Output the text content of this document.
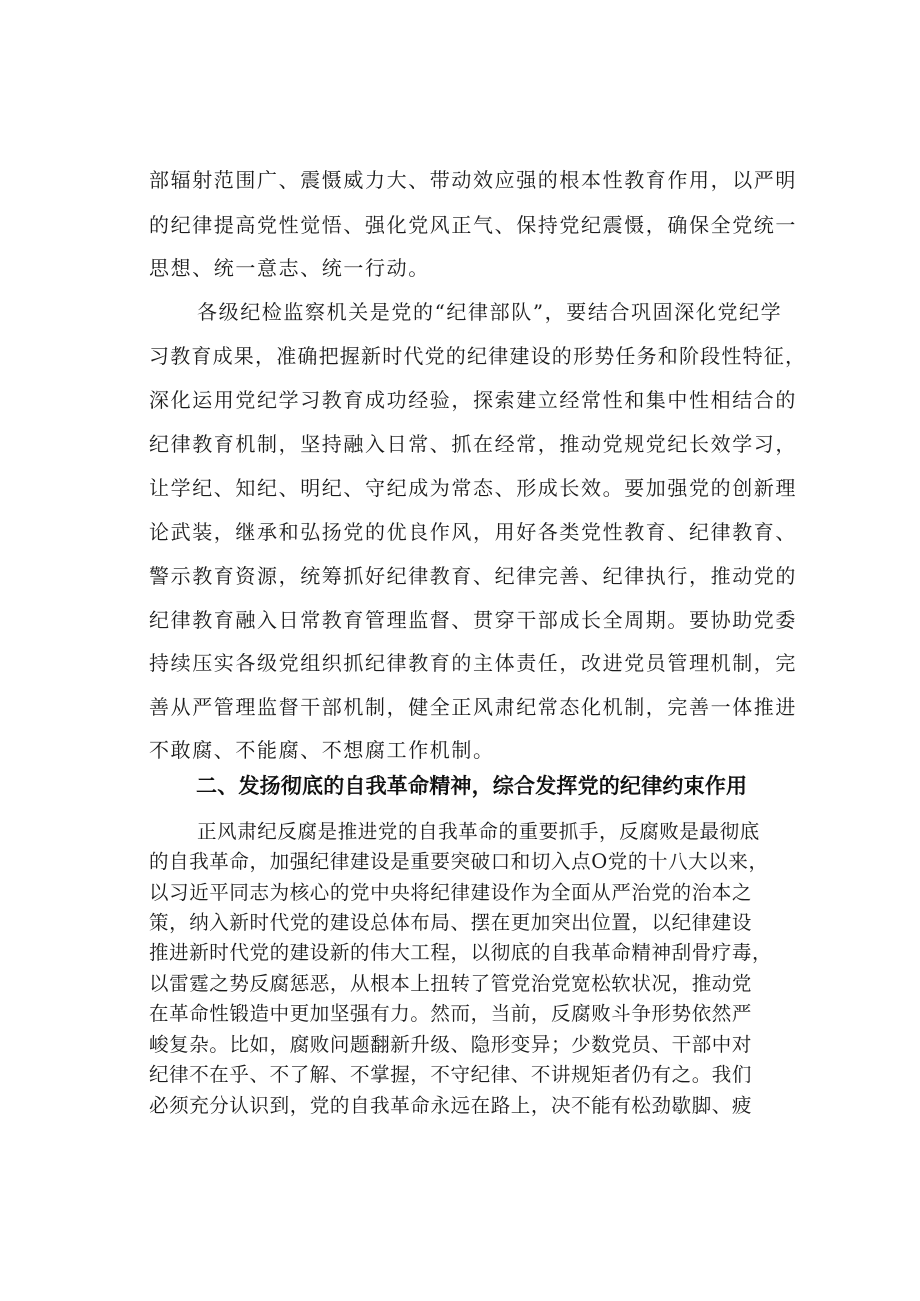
部辐射范围广、震慑威力大、带动效应强的根本性教育作用，以严明
的纪律提高党性觉悟、强化党风正气、保持党纪震慑，确保全党统一
思想、统一意志、统一行动。
各级纪检监察机关是党的“纪律部队”，要结合巩固深化党纪学
习教育成果，准确把握新时代党的纪律建设的形势任务和阶段性特征，
深化运用党纪学习教育成功经验，探索建立经常性和集中性相结合的
纪律教育机制，坚持融入日常、抓在经常，推动党规党纪长效学习，
让学纪、知纪、明纪、守纪成为常态、形成长效。要加强党的创新理
论武装，继承和弘扬党的优良作风，用好各类党性教育、纪律教育、
警示教育资源，统筹抓好纪律教育、纪律完善、纪律执行，推动党的
纪律教育融入日常教育管理监督、贯穿干部成长全周期。要协助党委
持续压实各级党组织抓纪律教育的主体责任，改进党员管理机制，完
善从严管理监督干部机制，健全正风肃纪常态化机制，完善一体推进
不敢腐、不能腐、不想腐工作机制。
二、发扬彻底的自我革命精神，综合发挥党的纪律约束作用
正风肃纪反腐是推进党的自我革命的重要抓手，反腐败是最彻底
的自我革命，加强纪律建设是重要突破口和切入点O党的十八大以来，
以习近平同志为核心的党中央将纪律建设作为全面从严治党的治本之
策，纳入新时代党的建设总体布局、摆在更加突出位置，以纪律建设
推进新时代党的建设新的伟大工程，以彻底的自我革命精神刮骨疗毒，
以雷霆之势反腐惩恶，从根本上扭转了管党治党宽松软状况，推动党
在革命性锻造中更加坚强有力。然而，当前，反腐败斗争形势依然严
峻复杂。比如，腐败问题翻新升级、隐形变异；少数党员、干部中对
纪律不在乎、不了解、不掌握，不守纪律、不讲规矩者仍有之。我们
必须充分认识到，党的自我革命永远在路上，决不能有松劲歇脚、疲
